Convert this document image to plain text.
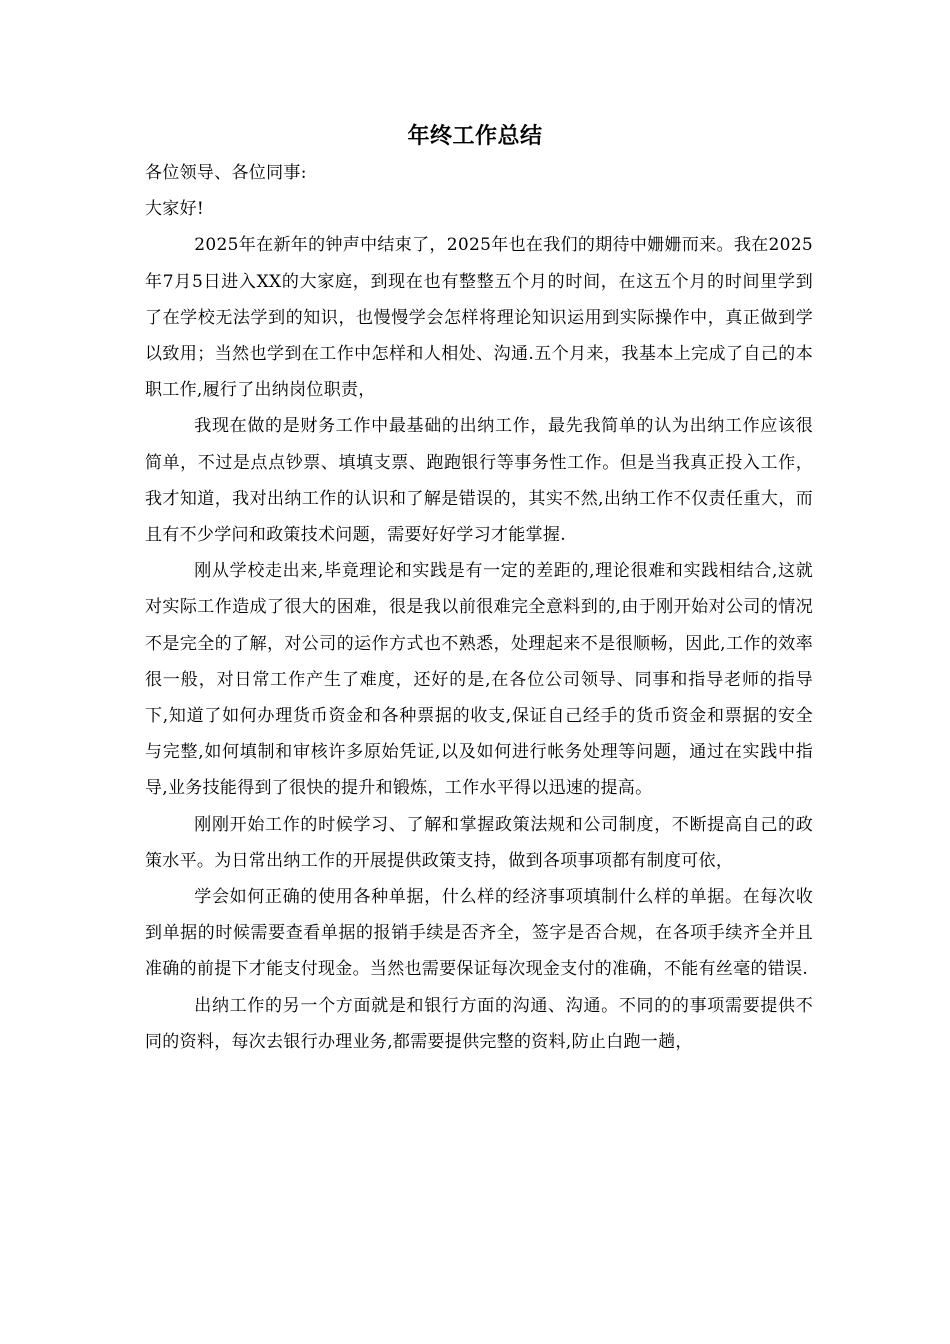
年终工作总结

各位领导、各位同事:

大家好!

2025年在新年的钟声中结束了，2025年也在我们的期待中姗姗而来。我在2025年7月5日进入XX的大家庭，到现在也有整整五个月的时间，在这五个月的时间里学到了在学校无法学到的知识，也慢慢学会怎样将理论知识运用到实际操作中，真正做到学以致用；当然也学到在工作中怎样和人相处、沟通.五个月来，我基本上完成了自己的本职工作,履行了出纳岗位职责，

我现在做的是财务工作中最基础的出纳工作，最先我简单的认为出纳工作应该很简单，不过是点点钞票、填填支票、跑跑银行等事务性工作。但是当我真正投入工作，我才知道，我对出纳工作的认识和了解是错误的，其实不然,出纳工作不仅责任重大，而且有不少学问和政策技术问题，需要好好学习才能掌握.

刚从学校走出来,毕竟理论和实践是有一定的差距的,理论很难和实践相结合,这就对实际工作造成了很大的困难，很是我以前很难完全意料到的,由于刚开始对公司的情况不是完全的了解，对公司的运作方式也不熟悉，处理起来不是很顺畅，因此,工作的效率很一般，对日常工作产生了难度，还好的是,在各位公司领导、同事和指导老师的指导下,知道了如何办理货币资金和各种票据的收支,保证自己经手的货币资金和票据的安全与完整,如何填制和审核许多原始凭证,以及如何进行帐务处理等问题，通过在实践中指导,业务技能得到了很快的提升和锻炼，工作水平得以迅速的提高。

刚刚开始工作的时候学习、了解和掌握政策法规和公司制度，不断提高自己的政策水平。为日常出纳工作的开展提供政策支持，做到各项事项都有制度可依，

学会如何正确的使用各种单据，什么样的经济事项填制什么样的单据。在每次收到单据的时候需要查看单据的报销手续是否齐全，签字是否合规，在各项手续齐全并且准确的前提下才能支付现金。当然也需要保证每次现金支付的准确，不能有丝毫的错误.

出纳工作的另一个方面就是和银行方面的沟通、沟通。不同的的事项需要提供不同的资料，每次去银行办理业务,都需要提供完整的资料,防止白跑一趟，
